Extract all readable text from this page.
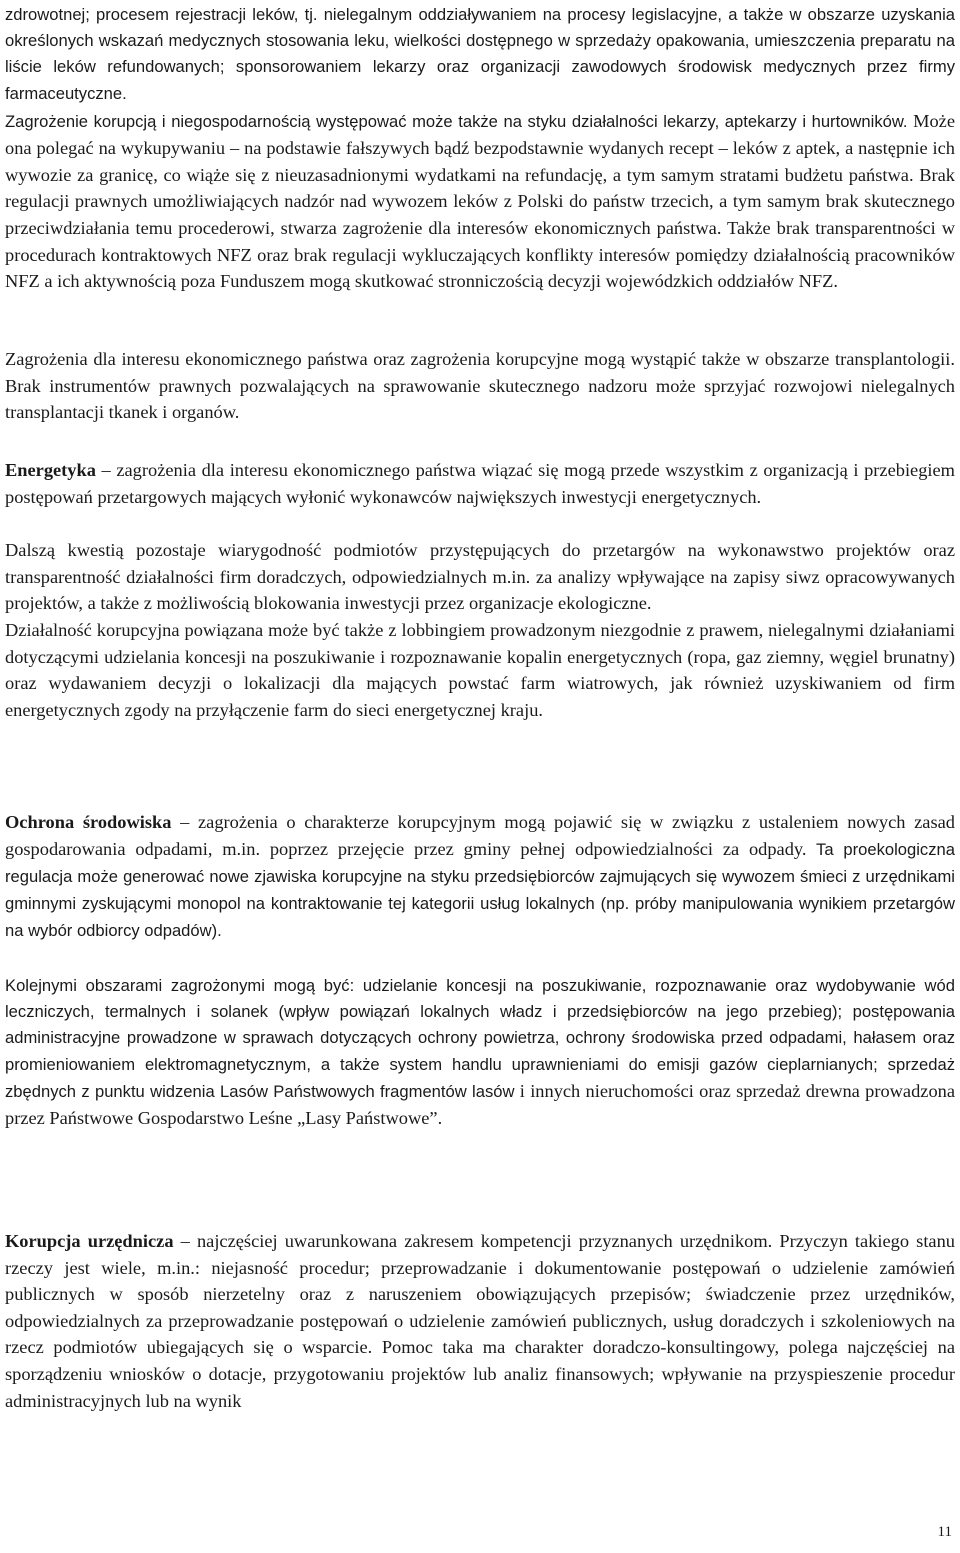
zdrowotnej; procesem rejestracji leków, tj. nielegalnym oddziaływaniem na procesy legislacyjne, a także w obszarze uzyskania określonych wskazań medycznych stosowania leku, wielkości dostępnego w sprzedaży opakowania, umieszczenia preparatu na liście leków refundowanych; sponsorowaniem lekarzy oraz organizacji zawodowych środowisk medycznych przez firmy farmaceutyczne.

Zagrożenie korupcją i niegospodarnością występować może także na styku działalności lekarzy, aptekarzy i hurtowników. Może ona polegać na wykupywaniu – na podstawie fałszywych bądź bezpodstawnie wydanych recept – leków z aptek, a następnie ich wywozie za granicę, co wiąże się z nieuzasadnionymi wydatkami na refundację, a tym samym stratami budżetu państwa. Brak regulacji prawnych umożliwiających nadzór nad wywozem leków z Polski do państw trzecich, a tym samym brak skutecznego przeciwdziałania temu procederowi, stwarza zagrożenie dla interesów ekonomicznych państwa. Także brak transparentności w procedurach kontraktowych NFZ oraz brak regulacji wykluczających konflikty interesów pomiędzy działalnością pracowników NFZ a ich aktywnością poza Funduszem mogą skutkować stronniczością decyzji wojewódzkich oddziałów NFZ.

Zagrożenia dla interesu ekonomicznego państwa oraz zagrożenia korupcyjne mogą wystąpić także w obszarze transplantologii. Brak instrumentów prawnych pozwalających na sprawowanie skutecznego nadzoru może sprzyjać rozwojowi nielegalnych transplantacji tkanek i organów.

Energetyka – zagrożenia dla interesu ekonomicznego państwa wiązać się mogą przede wszystkim z organizacją i przebiegiem postępowań przetargowych mających wyłonić wykonawców największych inwestycji energetycznych.

Dalszą kwestią pozostaje wiarygodność podmiotów przystępujących do przetargów na wykonawstwo projektów oraz transparentność działalności firm doradczych, odpowiedzialnych m.in. za analizy wpływające na zapisy siwz opracowywanych projektów, a także z możliwością blokowania inwestycji przez organizacje ekologiczne.

Działalność korupcyjna powiązana może być także z lobbingiem prowadzonym niezgodnie z prawem, nielegalnymi działaniami dotyczącymi udzielania koncesji na poszukiwanie i rozpoznawanie kopalin energetycznych (ropa, gaz ziemny, węgiel brunatny) oraz wydawaniem decyzji o lokalizacji dla mających powstać farm wiatrowych, jak również uzyskiwaniem od firm energetycznych zgody na przyłączenie farm do sieci energetycznej kraju.

Ochrona środowiska – zagrożenia o charakterze korupcyjnym mogą pojawić się w związku z ustaleniem nowych zasad gospodarowania odpadami, m.in. poprzez przejęcie przez gminy pełnej odpowiedzialności za odpady. Ta proekologiczna regulacja może generować nowe zjawiska korupcyjne na styku przedsiębiorców zajmujących się wywozem śmieci z urzędnikami gminnymi zyskującymi monopol na kontraktowanie tej kategorii usług lokalnych (np. próby manipulowania wynikiem przetargów na wybór odbiorcy odpadów).

Kolejnymi obszarami zagrożonymi mogą być: udzielanie koncesji na poszukiwanie, rozpoznawanie oraz wydobywanie wód leczniczych, termalnych i solanek (wpływ powiązań lokalnych władz i przedsiębiorców na jego przebieg); postępowania administracyjne prowadzone w sprawach dotyczących ochrony powietrza, ochrony środowiska przed odpadami, hałasem oraz promieniowaniem elektromagnetycznym, a także system handlu uprawnieniami do emisji gazów cieplarnianych; sprzedaż zbędnych z punktu widzenia Lasów Państwowych fragmentów lasów i innych nieruchomości oraz sprzedaż drewna prowadzona przez Państwowe Gospodarstwo Leśne „Lasy Państwowe”.

Korupcja urzędnicza – najczęściej uwarunkowana zakresem kompetencji przyznanych urzędnikom. Przyczyn takiego stanu rzeczy jest wiele, m.in.: niejasność procedur; przeprowadzanie i dokumentowanie postępowań o udzielenie zamówień publicznych w sposób nierzetelny oraz z naruszeniem obowiązujących przepisów; świadczenie przez urzędników, odpowiedzialnych za przeprowadzanie postępowań o udzielenie zamówień publicznych, usług doradczych i szkoleniowych na rzecz podmiotów ubiegających się o wsparcie. Pomoc taka ma charakter doradczo-konsultingowy, polega najczęściej na sporządzeniu wniosków o dotacje, przygotowaniu projektów lub analiz finansowych; wpływanie na przyspieszenie procedur administracyjnych lub na wynik

11
